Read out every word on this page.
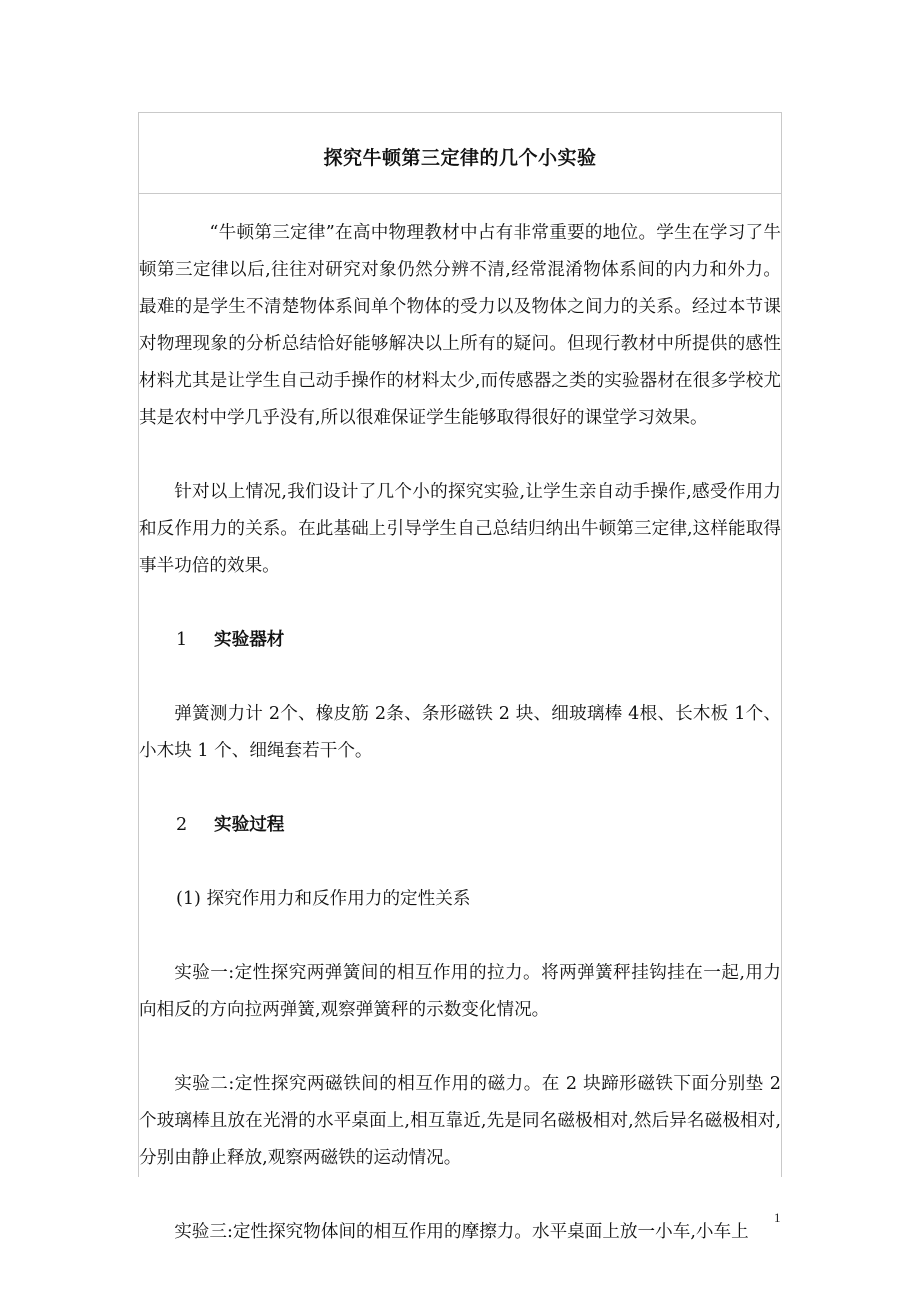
探究牛顿第三定律的几个小实验

“牛顿第三定律”在高中物理教材中占有非常重要的地位。学生在学习了牛顿第三定律以后,往往对研究对象仍然分辨不清,经常混淆物体系间的内力和外力。最难的是学生不清楚物体系间单个物体的受力以及物体之间力的关系。经过本节课对物理现象的分析总结恰好能够解决以上所有的疑问。但现行教材中所提供的感性材料尤其是让学生自己动手操作的材料太少,而传感器之类的实验器材在很多学校尤其是农村中学几乎没有,所以很难保证学生能够取得很好的课堂学习效果。

针对以上情况,我们设计了几个小的探究实验,让学生亲自动手操作,感受作用力和反作用力的关系。在此基础上引导学生自己总结归纳出牛顿第三定律,这样能取得事半功倍的效果。

1 实验器材

弹簧测力计 2个、橡皮筋 2条、条形磁铁 2 块、细玻璃棒 4根、长木板 1个、小木块 1 个、细绳套若干个。

2 实验过程

(1) 探究作用力和反作用力的定性关系

实验一:定性探究两弹簧间的相互作用的拉力。将两弹簧秤挂钩挂在一起,用力向相反的方向拉两弹簧,观察弹簧秤的示数变化情况。

实验二:定性探究两磁铁间的相互作用的磁力。在 2 块蹄形磁铁下面分别垫 2 个玻璃棒且放在光滑的水平桌面上,相互靠近,先是同名磁极相对,然后异名磁极相对,分别由静止释放,观察两磁铁的运动情况。

实验三:定性探究物体间的相互作用的摩擦力。水平桌面上放一小车,小车上

1
